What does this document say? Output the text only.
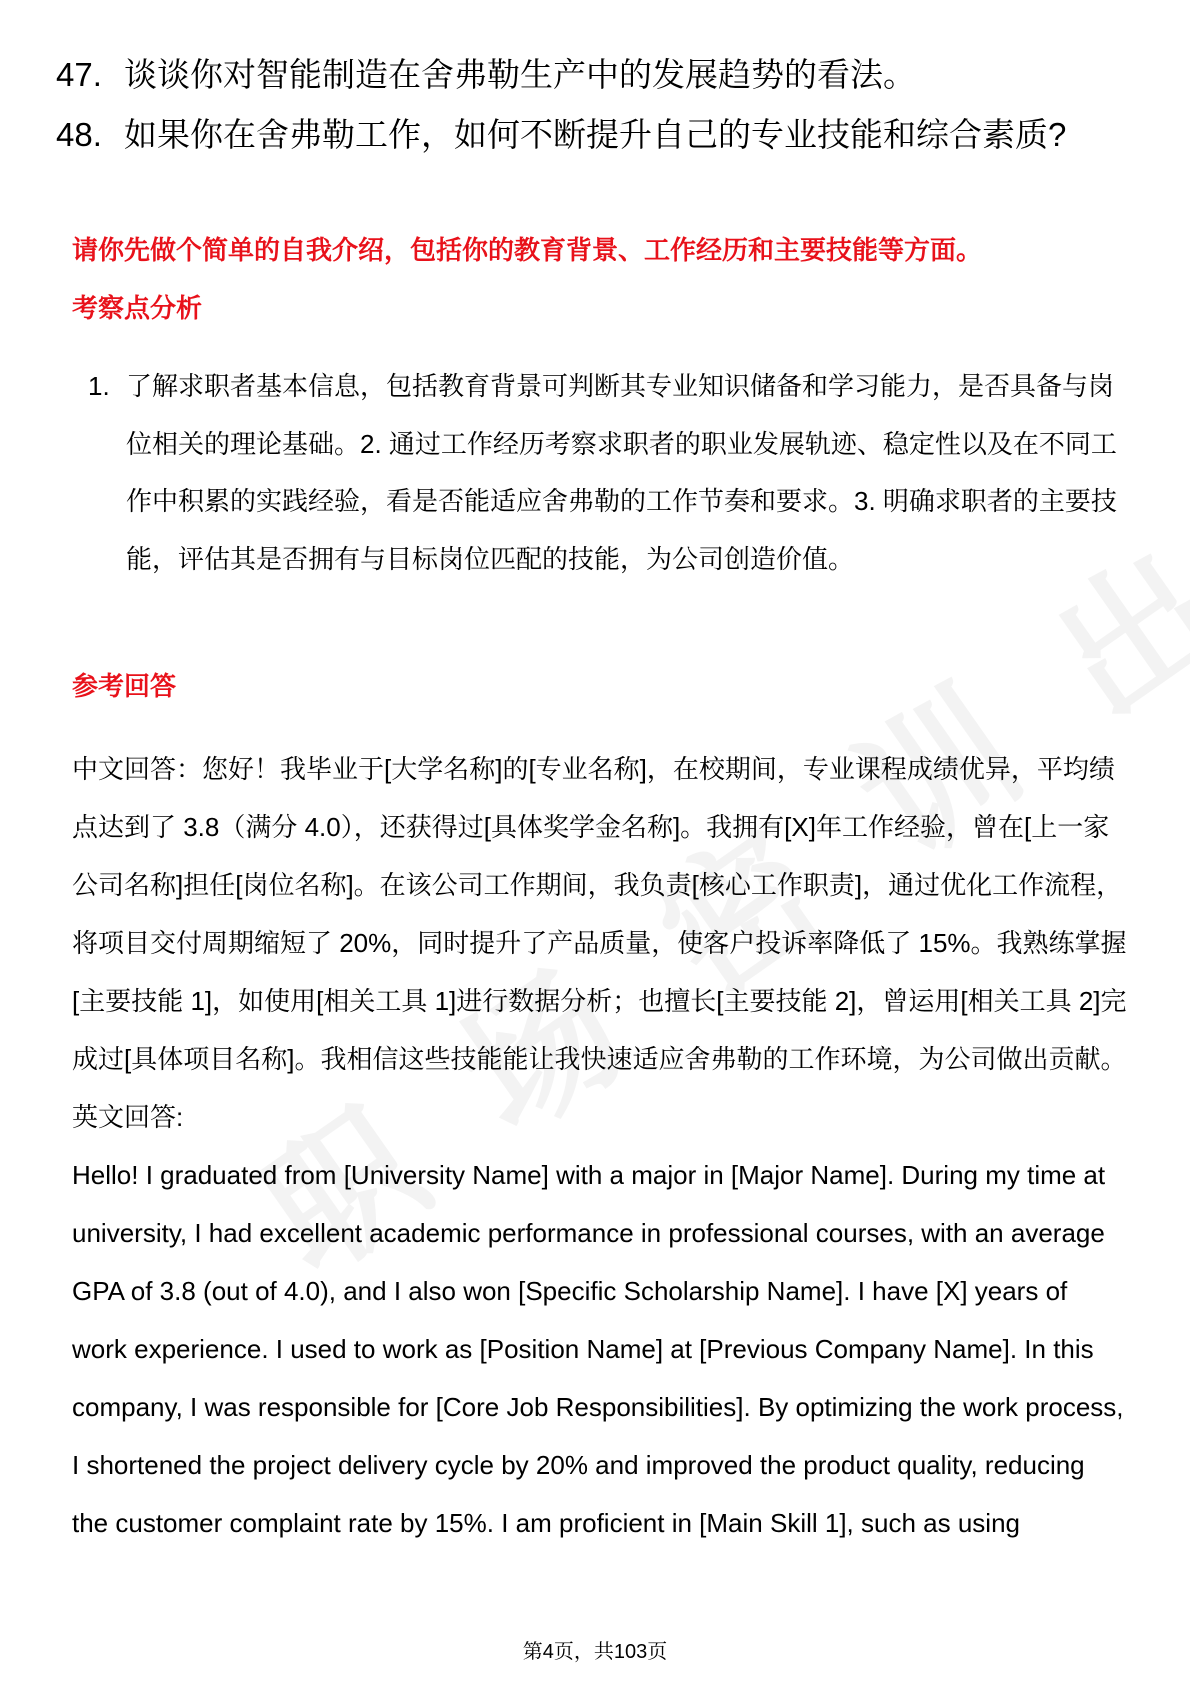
47. 谈谈你对智能制造在舍弗勒生产中的发展趋势的看法。
48. 如果你在舍弗勒工作，如何不断提升自己的专业技能和综合素质?
请你先做个简单的自我介绍，包括你的教育背景、工作经历和主要技能等方面。
考察点分析
1. 了解求职者基本信息，包括教育背景可判断其专业知识储备和学习能力，是否具备与岗位相关的理论基础。2. 通过工作经历考察求职者的职业发展轨迹、稳定性以及在不同工作中积累的实践经验，看是否能适应舍弗勒的工作节奏和要求。3. 明确求职者的主要技能，评估其是否拥有与目标岗位匹配的技能，为公司创造价值。
参考回答

中文回答：您好！我毕业于[大学名称]的[专业名称]，在校期间，专业课程成绩优异，平均绩点达到了 3.8（满分 4.0），还获得过[具体奖学金名称]。我拥有[X]年工作经验，曾在[上一家公司名称]担任[岗位名称]。在该公司工作期间，我负责[核心工作职责]，通过优化工作流程，将项目交付周期缩短了 20%，同时提升了产品质量，使客户投诉率降低了 15%。我熟练掌握[主要技能 1]，如使用[相关工具 1]进行数据分析；也擅长[主要技能 2]，曾运用[相关工具 2]完成过[具体项目名称]。我相信这些技能能让我快速适应舍弗勒的工作环境，为公司做出贡献。 英文回答:

Hello! I graduated from [University Name] with a major in [Major Name]. During my time at university, I had excellent academic performance in professional courses, with an average GPA of 3.8 (out of 4.0), and I also won [Specific Scholarship Name]. I have [X] years of work experience. I used to work as [Position Name] at [Previous Company Name]. In this company, I was responsible for [Core Job Responsibilities]. By optimizing the work process, I shortened the project delivery cycle by 20% and improved the product quality, reducing the customer complaint rate by 15%. I am proficient in [Main Skill 1], such as using

第4页，共103页
